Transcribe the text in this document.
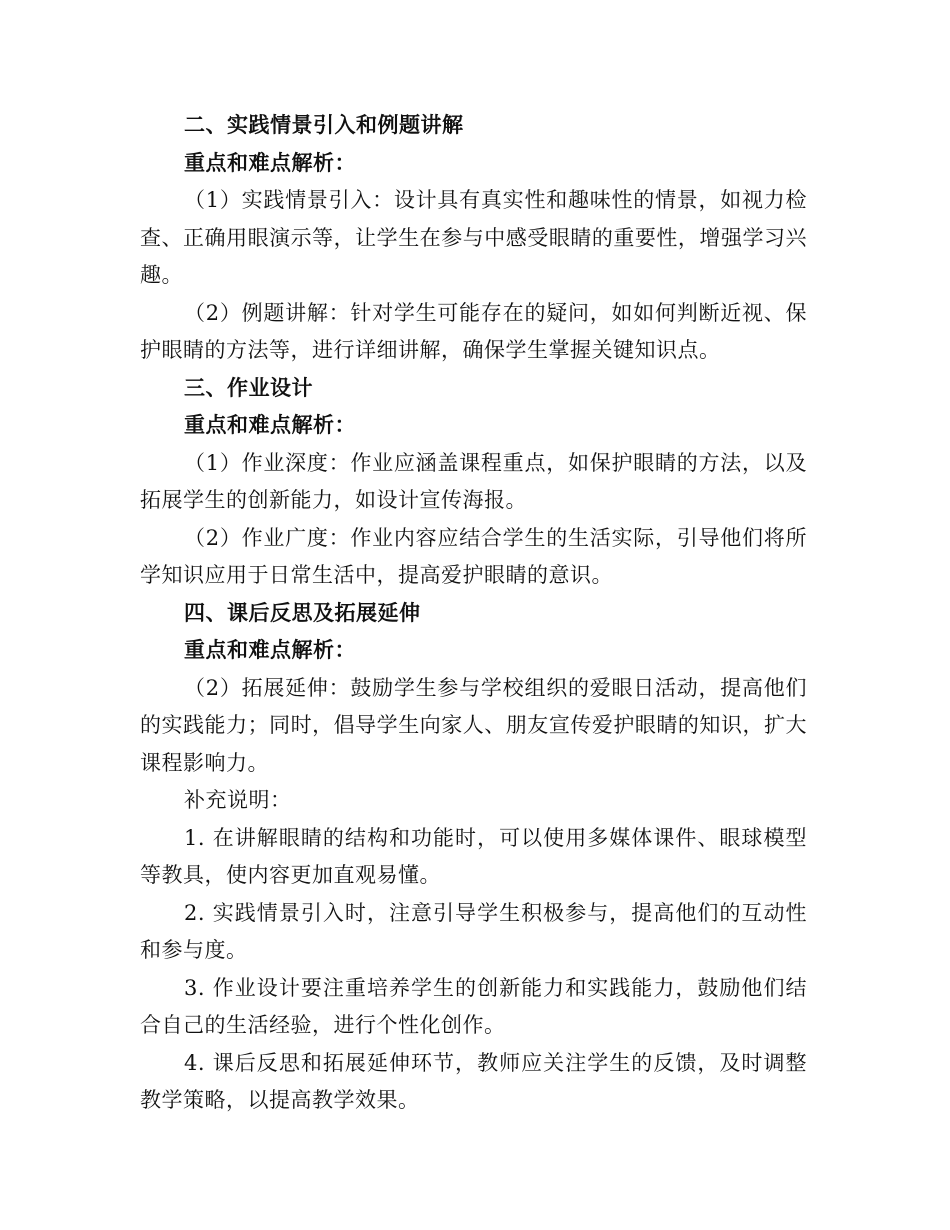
二、实践情景引入和例题讲解

重点和难点解析：

（1）实践情景引入：设计具有真实性和趣味性的情景，如视力检查、正确用眼演示等，让学生在参与中感受眼睛的重要性，增强学习兴趣。

（2）例题讲解：针对学生可能存在的疑问，如如何判断近视、保护眼睛的方法等，进行详细讲解，确保学生掌握关键知识点。

三、作业设计

重点和难点解析：

（1）作业深度：作业应涵盖课程重点，如保护眼睛的方法，以及拓展学生的创新能力，如设计宣传海报。

（2）作业广度：作业内容应结合学生的生活实际，引导他们将所学知识应用于日常生活中，提高爱护眼睛的意识。

四、课后反思及拓展延伸

重点和难点解析：

（2）拓展延伸：鼓励学生参与学校组织的爱眼日活动，提高他们的实践能力；同时，倡导学生向家人、朋友宣传爱护眼睛的知识，扩大课程影响力。

补充说明：

1. 在讲解眼睛的结构和功能时，可以使用多媒体课件、眼球模型等教具，使内容更加直观易懂。

2. 实践情景引入时，注意引导学生积极参与，提高他们的互动性和参与度。

3. 作业设计要注重培养学生的创新能力和实践能力，鼓励他们结合自己的生活经验，进行个性化创作。

4. 课后反思和拓展延伸环节，教师应关注学生的反馈，及时调整教学策略，以提高教学效果。
